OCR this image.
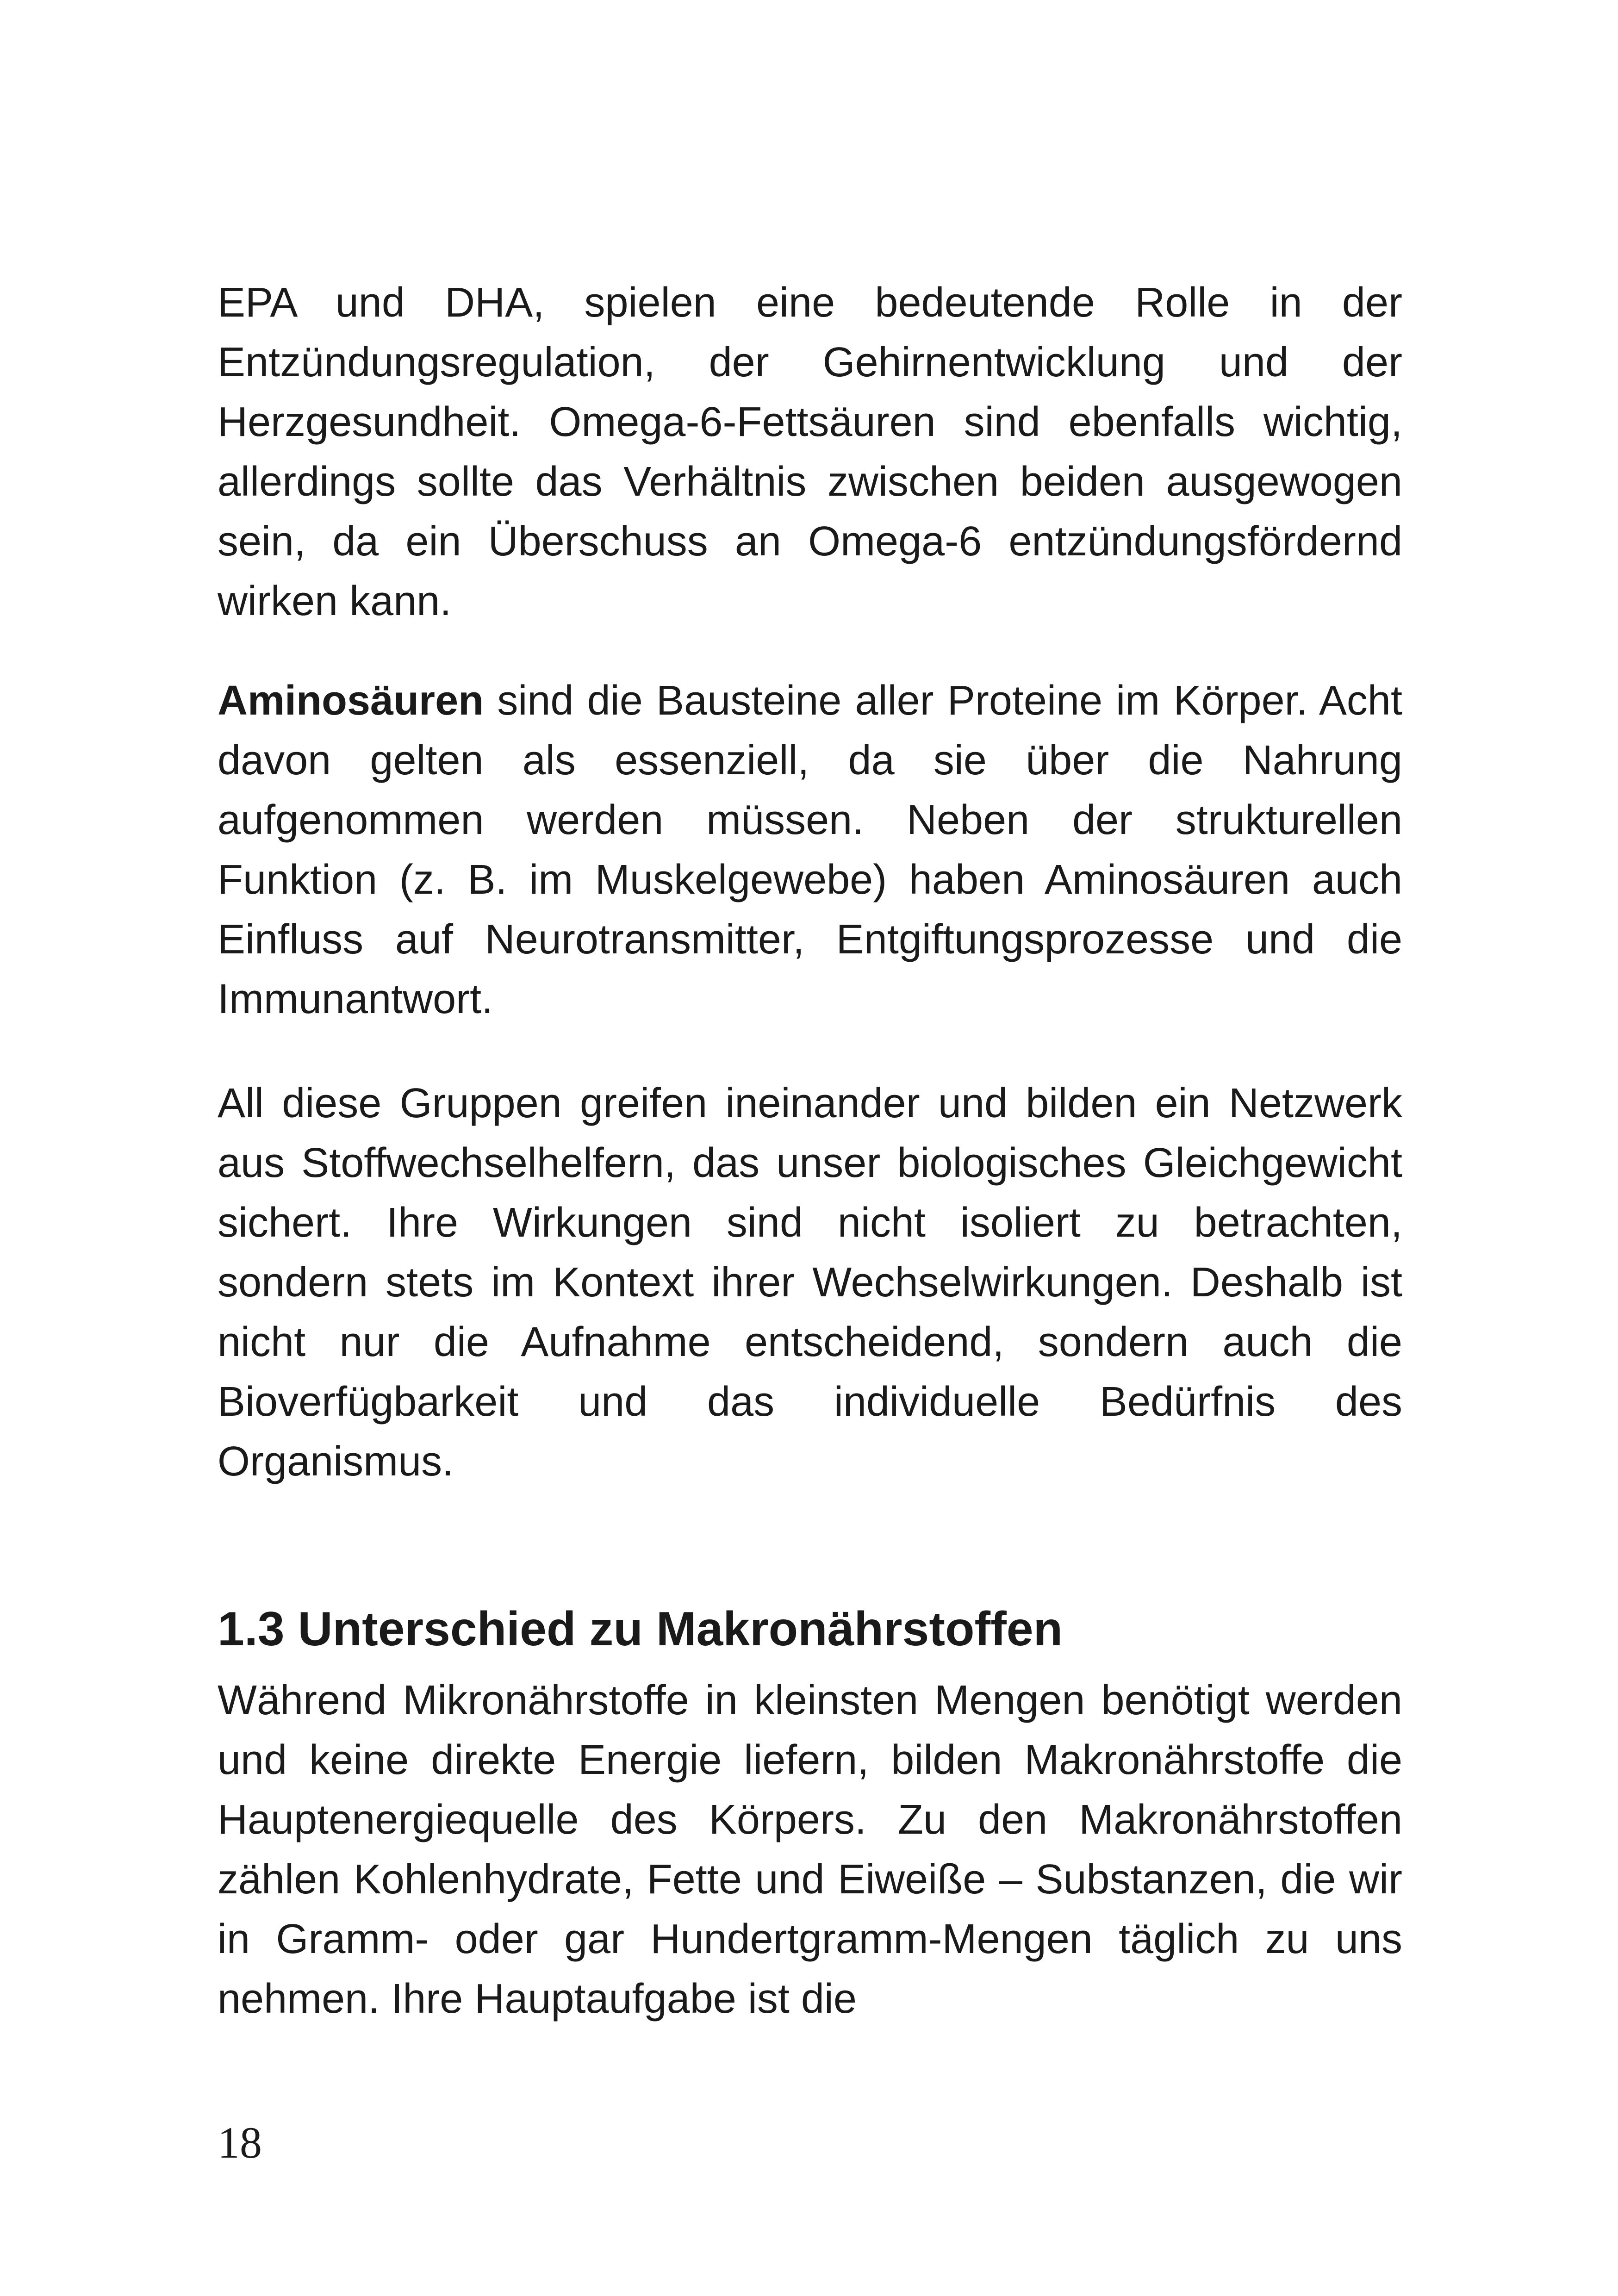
EPA und DHA, spielen eine bedeutende Rolle in der Entzündungsregulation, der Gehirnentwicklung und der Herzgesundheit. Omega-6-Fettsäuren sind ebenfalls wichtig, allerdings sollte das Verhältnis zwischen beiden ausgewogen sein, da ein Überschuss an Omega-6 entzündungsfördernd wirken kann.

Aminosäuren sind die Bausteine aller Proteine im Körper. Acht davon gelten als essenziell, da sie über die Nahrung aufgenommen werden müssen. Neben der strukturellen Funktion (z. B. im Muskelgewebe) haben Aminosäuren auch Einfluss auf Neurotransmitter, Entgiftungsprozesse und die Immunantwort.

All diese Gruppen greifen ineinander und bilden ein Netzwerk aus Stoffwechselhelfern, das unser biologisches Gleichgewicht sichert. Ihre Wirkungen sind nicht isoliert zu betrachten, sondern stets im Kontext ihrer Wechselwirkungen. Deshalb ist nicht nur die Aufnahme entscheidend, sondern auch die Bioverfügbarkeit und das individuelle Bedürfnis des Organismus.

1.3 Unterschied zu Makronährstoffen

Während Mikronährstoffe in kleinsten Mengen benötigt werden und keine direkte Energie liefern, bilden Makronährstoffe die Hauptenergiequelle des Körpers. Zu den Makronährstoffen zählen Kohlenhydrate, Fette und Eiweiße – Substanzen, die wir in Gramm- oder gar Hundertgramm-Mengen täglich zu uns nehmen. Ihre Hauptaufgabe ist die

18
